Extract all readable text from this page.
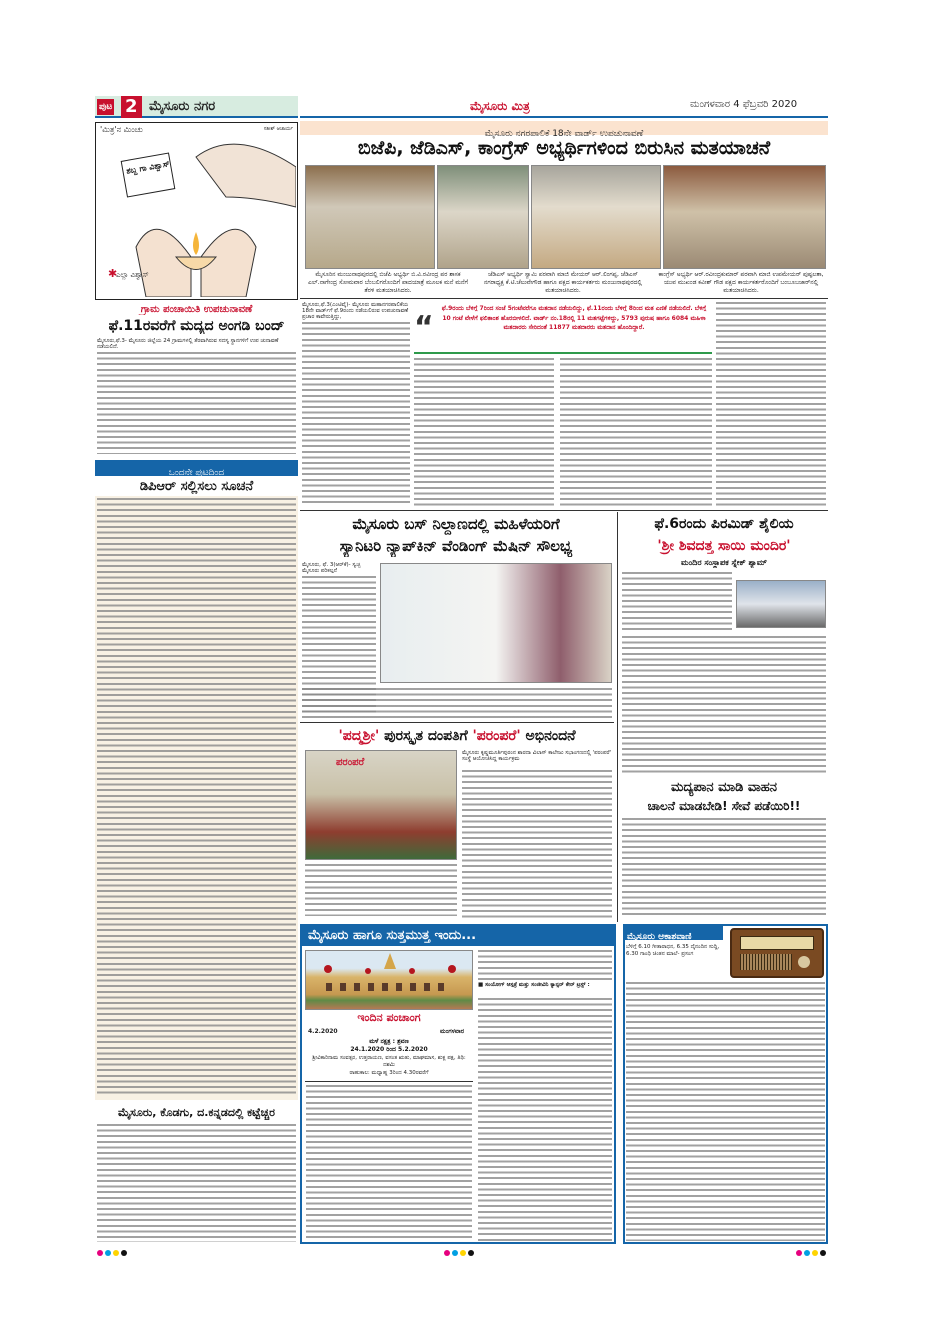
ಪುಟ 2 ಮೈಸೂರು ನಗರ	ಮೈಸೂರು ಮಿತ್ರ	ಮಂಗಳವಾರ 4 ಫೆಬ್ರವರಿ 2020
'ಮಿತ್ರ'ನ ಮಿಂಚು	ಸತೀಶ್ ಆಚಾರ್ಯ
✱
ಶಬ್ದ ಗಾ ವಿಶ್ವಾಸ್
ಎಲ್ಲಾ ವಿಶ್ವಾಸ್
ಗ್ರಾಮ ಪಂಚಾಯಿತಿ ಉಪಚುನಾವಣೆ
ಫೆ.11ರವರೆಗೆ ಮದ್ಯದ ಅಂಗಡಿ ಬಂದ್
ಮೈಸೂರು,ಫೆ.3- ಮೈಸೂರು ಜಿಲ್ಲೆಯ 24 ಗ್ರಾಮಗಳಲ್ಲಿ ತೆರವಾಗಿರುವ ಸದಸ್ಯ ಸ್ಥಾನಗಳಿಗೆ ಉಪ ಚುನಾವಣೆ ನಡೆಯಲಿದೆ.
ಒಂದನೇ ಪುಟದಿಂದ
ಡಿಪಿಆರ್ ಸಲ್ಲಿಸಲು ಸೂಚನೆ
ಮೈಸೂರು, ಕೊಡಗು, ದ.ಕನ್ನಡದಲ್ಲಿ ಕಟ್ಟೆಚ್ಚರ
ಮೈಸೂರು ನಗರಪಾಲಿಕೆ 18ನೇ ವಾರ್ಡ್ ಉಪಚುನಾವಣೆ
ಬಿಜೆಪಿ, ಜೆಡಿಎಸ್, ಕಾಂಗ್ರೆಸ್ ಅಭ್ಯರ್ಥಿಗಳಿಂದ ಬಿರುಸಿನ ಮತಯಾಚನೆ
ಮೈಸೂರಿನ ಮಂಜುನಾಥಪುರದಲ್ಲಿ ಬಿಜೆಪಿ ಅಭ್ಯರ್ಥಿ ಬಿ.ವಿ.ರವೀಂದ್ರ ಪರ ಶಾಸಕ ಎಲ್.ನಾಗೇಂದ್ರ ಸೋಮವಾರ ಬೆಂಬಲಿಗರೊಂದಿಗೆ ಪಾದಯಾತ್ರೆ ಮೂಲಕ ಮನೆ ಮನೆಗೆ ತೆರಳಿ ಮತಯಾಚಿಸಿದರು.
ಜೆಡಿಎಸ್ ಅಭ್ಯರ್ಥಿ ಸ್ವಾಮಿ ಪರವಾಗಿ ಮಾಜಿ ಮೇಯರ್ ಆರ್.ಲಿಂಗಪ್ಪ, ಜೆಡಿಎಸ್ ನಗರಾಧ್ಯಕ್ಷ ಕೆ.ಟಿ.ಚೆಲುವೇಗೌಡ ಹಾಗೂ ಪಕ್ಷದ ಕಾರ್ಯಕರ್ತರು ಮಂಜುನಾಥಪುರದಲ್ಲಿ ಮತಯಾಚಿಸಿದರು.
ಕಾಂಗ್ರೆಸ್ ಅಭ್ಯರ್ಥಿ ಆರ್.ರವೀಂದ್ರಕುಮಾರ್ ಪರವಾಗಿ ಮಾಜಿ ಉಪಮೇಯರ್ ಪುಷ್ಪಲತಾ, ಯುವ ಮುಖಂಡ ಕವೀಶ್ ಗೌಡ ಪಕ್ಷದ ಕಾರ್ಯಕರ್ತರೊಂದಿಗೆ ಬಂಬೂಬಜಾರ್‌ನಲ್ಲಿ ಮತಯಾಚಿಸಿದರು.
ಮೈಸೂರು,ಫೆ.3(ಎಂಟಿವೈ)- ಮೈಸೂರು ಮಹಾನಗರಪಾಲಿಕೆಯ 18ನೇ ವಾರ್ಡ್‌ಗೆ ಫೆ.9ರಂದು ನಡೆಯಲಿರುವ ಉಪಚುನಾವಣೆ ಪ್ರಚಾರ ಕಾವೇರುತ್ತಿದ್ದು,	“
ಫೆ.9ರಂದು ಬೆಳಿಗ್ಗೆ 7ರಿಂದ ಸಂಜೆ 5ಗಂಟೆವರೆಗೂ ಮತದಾನ ನಡೆಯಲಿದ್ದು, ಫೆ.11ರಂದು ಬೆಳಿಗ್ಗೆ 8ರಿಂದ ಮತ ಎಣಿಕೆ ನಡೆಯಲಿದೆ. ಬೆಳಿಗ್ಗೆ 10 ಗಂಟೆ ವೇಳೆಗೆ ಫಲಿತಾಂಶ ಹೊರಬೀಳಲಿದೆ. ವಾರ್ಡ್ ನಂ.18ರಲ್ಲಿ 11 ಮತಗಟ್ಟೆಗಳಿದ್ದು, 5793 ಪುರುಷ ಹಾಗೂ 6084 ಮಹಿಳಾ ಮತದಾರರು ಸೇರಿದಂತೆ 11877 ಮತದಾರರು ಮತದಾನ ಹೊಂದಿದ್ದಾರೆ.
ಮೈಸೂರು ಬಸ್ ನಿಲ್ದಾಣದಲ್ಲಿ ಮಹಿಳೆಯರಿಗೆ
ಸ್ಯಾನಿಟರಿ ನ್ಯಾಪ್‌ಕಿನ್ ವೆಂಡಿಂಗ್ ಮೆಷಿನ್ ಸೌಲಭ್ಯ
ಮೈಸೂರು, ಫೆ. 3(ಆರ್‌ಕೆ)- ಸ್ವಚ್ಛ ಮೈಸೂರು ಪರಿಕಲ್ಪನೆ
ಫೆ.6ರಂದು ಪಿರಮಿಡ್ ಶೈಲಿಯ
'ಶ್ರೀ ಶಿವದತ್ತ ಸಾಯಿ ಮಂದಿರ'
ಮಂದಿರ ಸಂಸ್ಥಾಪಕ ಸ್ನೇಕ್ ಶ್ಯಾಮ್
'ಪದ್ಮಶ್ರೀ' ಪುರಸ್ಕೃತ ದಂಪತಿಗೆ 'ಪರಂಪರೆ' ಅಭಿನಂದನೆ
ಪರಂಪರೆ
ಮೈಸೂರು ಕೃಷ್ಣಮೂರ್ತಿಪುರಂನ ಶಾರದಾ ವಿಲಾಸ್ ಕಾಲೇಜು ಸಭಾಂಗಣದಲ್ಲಿ 'ಪರಂಪರೆ' ಸಂಸ್ಥೆ ಆಯೋಜಿಸಿದ್ದ ಕಾರ್ಯಕ್ರಮ
ಮದ್ಯಪಾನ ಮಾಡಿ ವಾಹನ
ಚಾಲನೆ ಮಾಡಬೇಡಿ! ಸೇವೆ ಪಡೆಯಿರಿ!!
ಮೈಸೂರು ಹಾಗೂ ಸುತ್ತಮುತ್ತ ಇಂದು...
ಇಂದಿನ ಪಂಚಾಂಗ
4.2.2020	ಮಂಗಳವಾರ
ಮಳೆ ನಕ್ಷತ್ರ : ಶ್ರವಣ
24.1.2020 ರಿಂದ 5.2.2020
ಶ್ರೀವಿಕಾರಿನಾಮ ಸಂವತ್ಸರ, ಉತ್ತರಾಯಣ, ವಸಂತ ಋತು, ಮಾಘಮಾಸ, ಶುಕ್ಲ ಪಕ್ಷ, ತಿಥಿ: ದಶಮಿ
ರಾಹುಕಾಲ: ಮಧ್ಯಾಹ್ನ 3ರಿಂದ 4.30ರವರೆಗೆ
■ ಸಂಯೋಗ್ ಆಸ್ಪತ್ರೆ ಮತ್ತು ಸಂಜೀವಿನಿ ಕ್ಯಾನ್ಸರ್ ಕೇರ್ ಟ್ರಸ್ಟ್ :
ಮೈಸೂರು ಆಕಾಶವಾಣಿ
ಬೆಳಿಗ್ಗೆ 6.10 ಗೀತಾರಾಧನ, 6.35 ದೈನಂದಿನ ಸುದ್ದಿ, 6.30 ಗಾಂಧಿ ಚಿಂತನ ಮಾಲೆ- ಪ್ರಸಂಗ
